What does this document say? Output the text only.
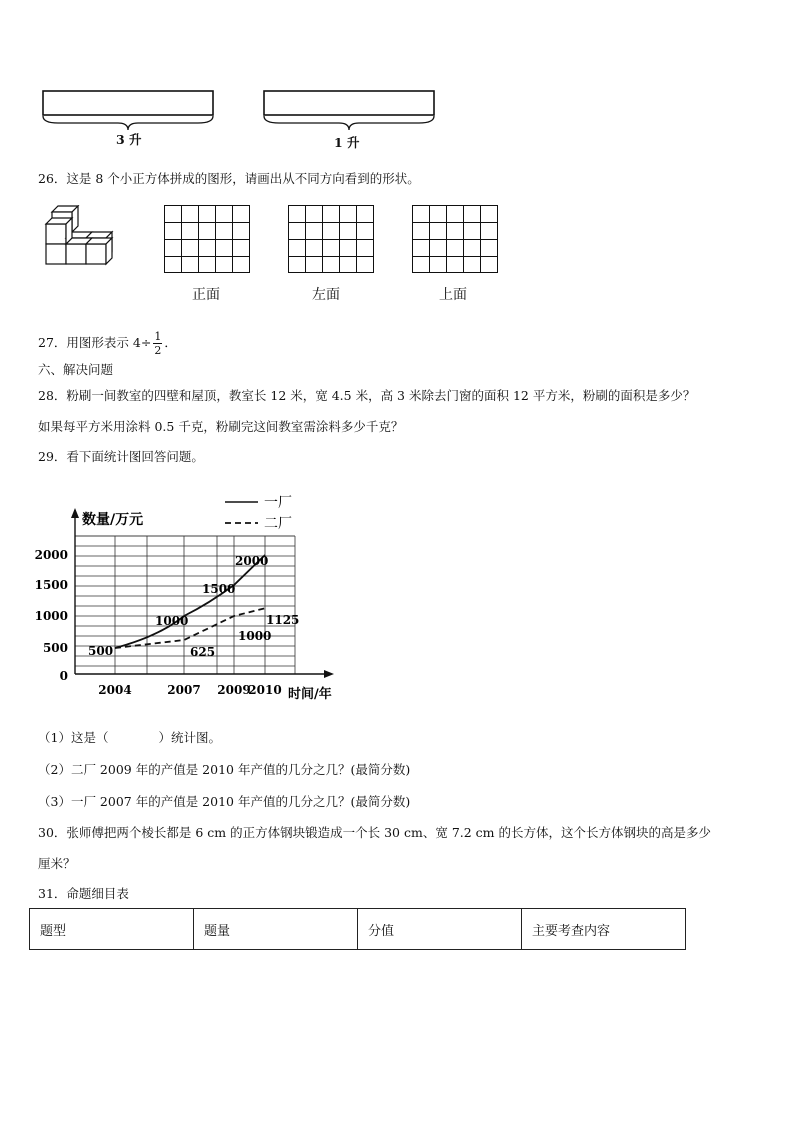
3 升	1 升
26．这是 8 个小正方体拼成的图形，请画出从不同方向看到的形状。
正面	左面	上面
27．用图形表示 $4\div \frac{1}{2}$ ．
六、解决问题
28．粉刷一间教室的四壁和屋顶，教室长 12 米，宽 4.5 米，高 3 米除去门窗的面积 12 平方米，粉刷的面积是多少？
如果每平方米用涂料 0.5 千克，粉刷完这间教室需涂料多少千克？
29．看下面统计图回答问题。
数量/万元
时间/年
0
500
1000
1500
2000
2004	2007 2009
2010
一厂
二厂
500
1000
1500
2000
625
1000
1125
（1）这是（　　　　）统计图。
（2）二厂 2009 年的产值是 2010 年产值的几分之几？(最简分数)
（3）一厂 2007 年的产值是 2010 年产值的几分之几？(最简分数)
30．张师傅把两个棱长都是 6 cm 的正方体钢块锻造成一个长 30 cm、宽 7.2 cm 的长方体，这个长方体钢块的高是多少
厘米？
31．命题细目表
题型	题量	分值	主要考查内容
